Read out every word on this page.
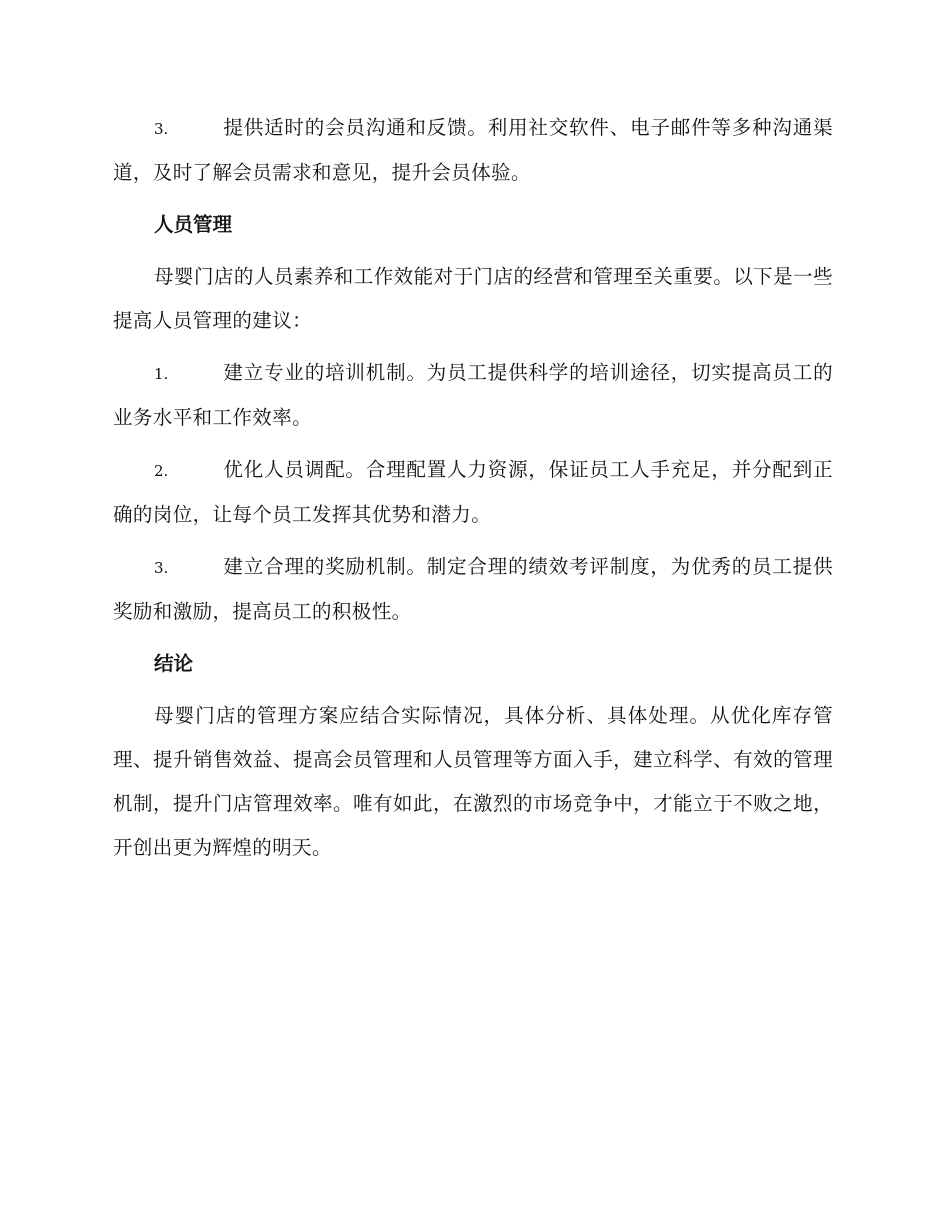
3.	提供适时的会员沟通和反馈。利用社交软件、电子邮件等多种沟通渠道，及时了解会员需求和意见，提升会员体验。

人员管理

母婴门店的人员素养和工作效能对于门店的经营和管理至关重要。以下是一些提高人员管理的建议：

1.	建立专业的培训机制。为员工提供科学的培训途径，切实提高员工的业务水平和工作效率。

2.	优化人员调配。合理配置人力资源，保证员工人手充足，并分配到正确的岗位，让每个员工发挥其优势和潜力。

3.	建立合理的奖励机制。制定合理的绩效考评制度，为优秀的员工提供奖励和激励，提高员工的积极性。

结论

母婴门店的管理方案应结合实际情况，具体分析、具体处理。从优化库存管理、提升销售效益、提高会员管理和人员管理等方面入手，建立科学、有效的管理机制，提升门店管理效率。唯有如此，在激烈的市场竞争中，才能立于不败之地，开创出更为辉煌的明天。
